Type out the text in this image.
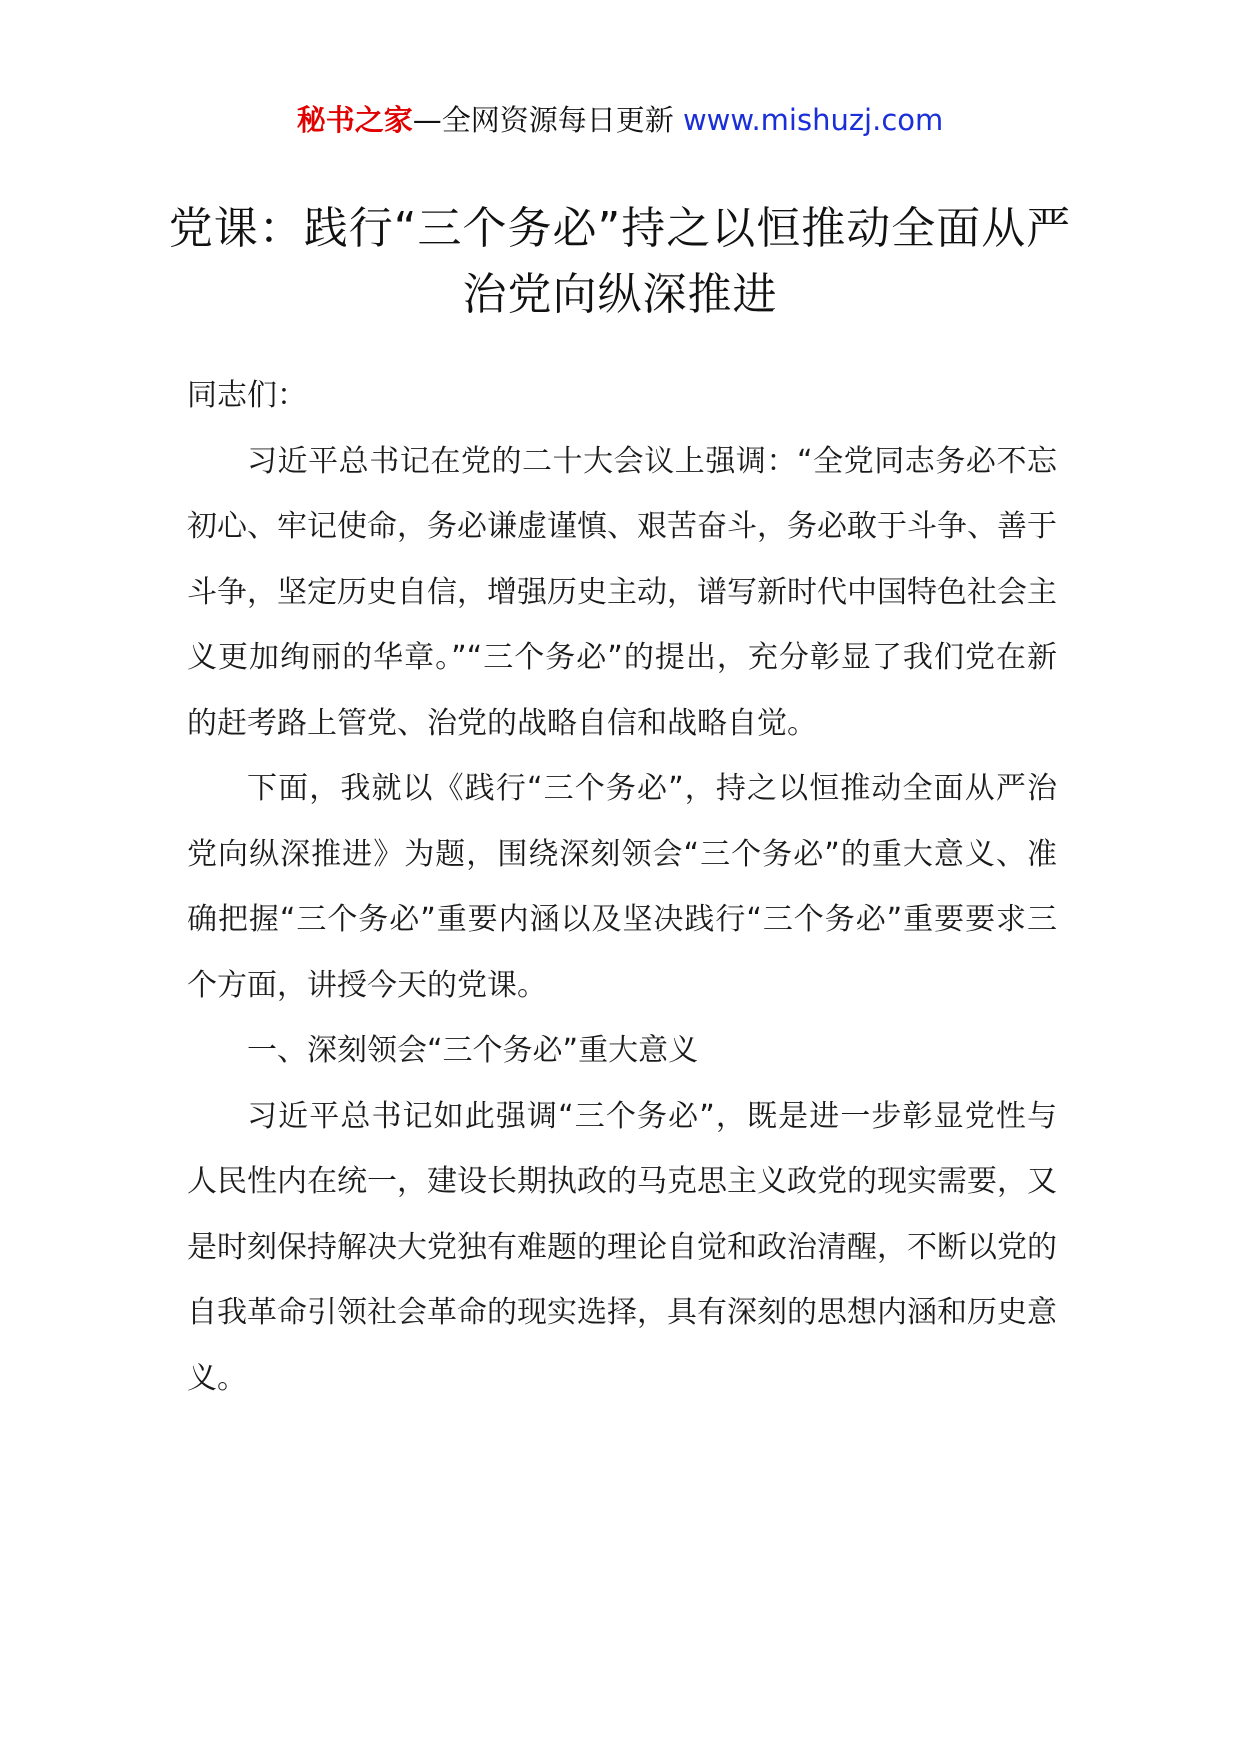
秘书之家—全网资源每日更新 www.mishuzj.com
党课：践行“三个务必”持之以恒推动全面从严治党向纵深推进

同志们：

习近平总书记在党的二十大会议上强调：“全党同志务必不忘初心、牢记使命，务必谦虚谨慎、艰苦奋斗，务必敢于斗争、善于斗争，坚定历史自信，增强历史主动，谱写新时代中国特色社会主义更加绚丽的华章。”“三个务必”的提出，充分彰显了我们党在新的赶考路上管党、治党的战略自信和战略自觉。

下面，我就以《践行“三个务必”，持之以恒推动全面从严治党向纵深推进》为题，围绕深刻领会“三个务必”的重大意义、准确把握“三个务必”重要内涵以及坚决践行“三个务必”重要要求三个方面，讲授今天的党课。

一、深刻领会“三个务必”重大意义

习近平总书记如此强调“三个务必”，既是进一步彰显党性与人民性内在统一，建设长期执政的马克思主义政党的现实需要，又是时刻保持解决大党独有难题的理论自觉和政治清醒，不断以党的自我革命引领社会革命的现实选择，具有深刻的思想内涵和历史意义。
